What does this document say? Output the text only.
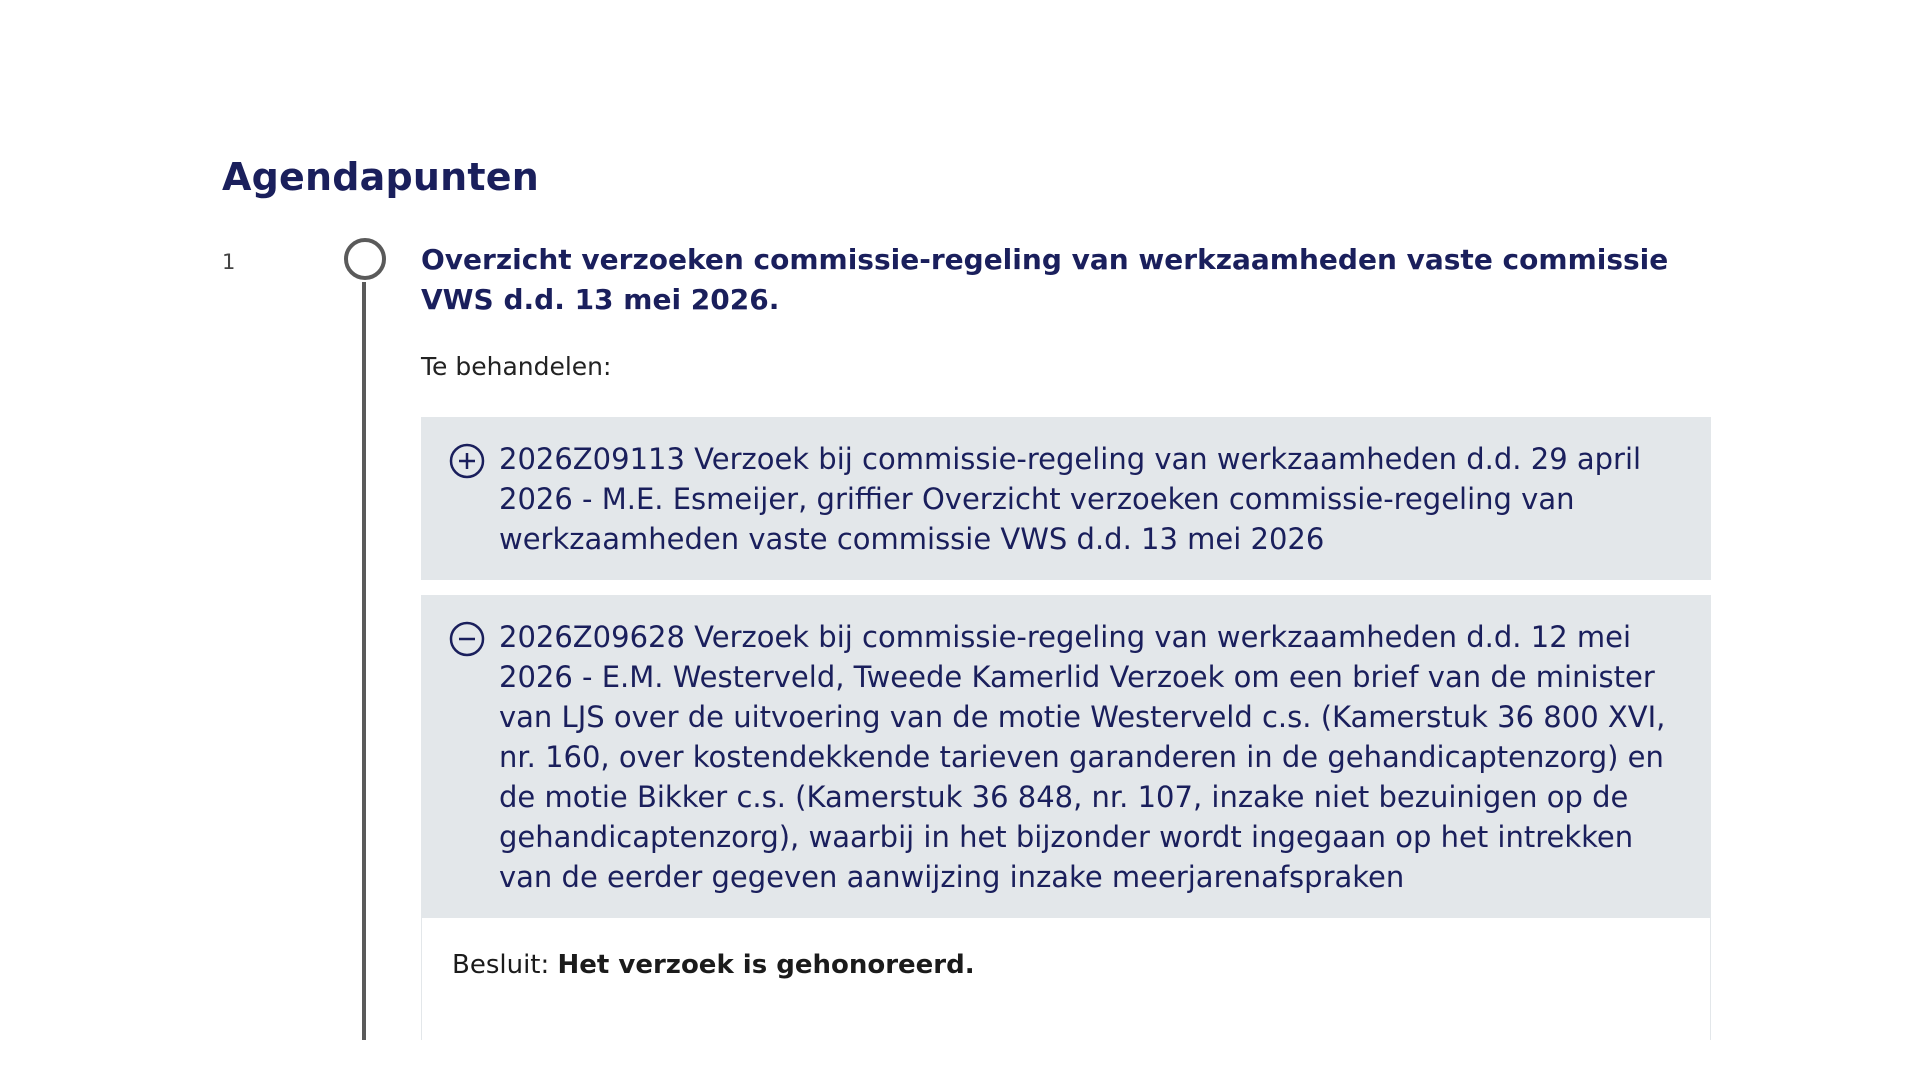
Agendapunten
1	Overzicht verzoeken commissie-regeling van werkzaamheden vaste commissie VWS d.d. 13 mei 2026.
Te behandelen:
2026Z09113 Verzoek bij commissie-regeling van werkzaamheden d.d. 29 april 2026 - M.E. Esmeijer, griffier Overzicht verzoeken commissie-regeling van werkzaamheden vaste commissie VWS d.d. 13 mei 2026
2026Z09628 Verzoek bij commissie-regeling van werkzaamheden d.d. 12 mei 2026 - E.M. Westerveld, Tweede Kamerlid Verzoek om een brief van de minister van LJS over de uitvoering van de motie Westerveld c.s. (Kamerstuk 36 800 XVI, nr. 160, over kostendekkende tarieven garanderen in de gehandicaptenzorg) en de motie Bikker c.s. (Kamerstuk 36 848, nr. 107, inzake niet bezuinigen op de gehandicaptenzorg), waarbij in het bijzonder wordt ingegaan op het intrekken van de eerder gegeven aanwijzing inzake meerjarenafspraken
Besluit: Het verzoek is gehonoreerd.
